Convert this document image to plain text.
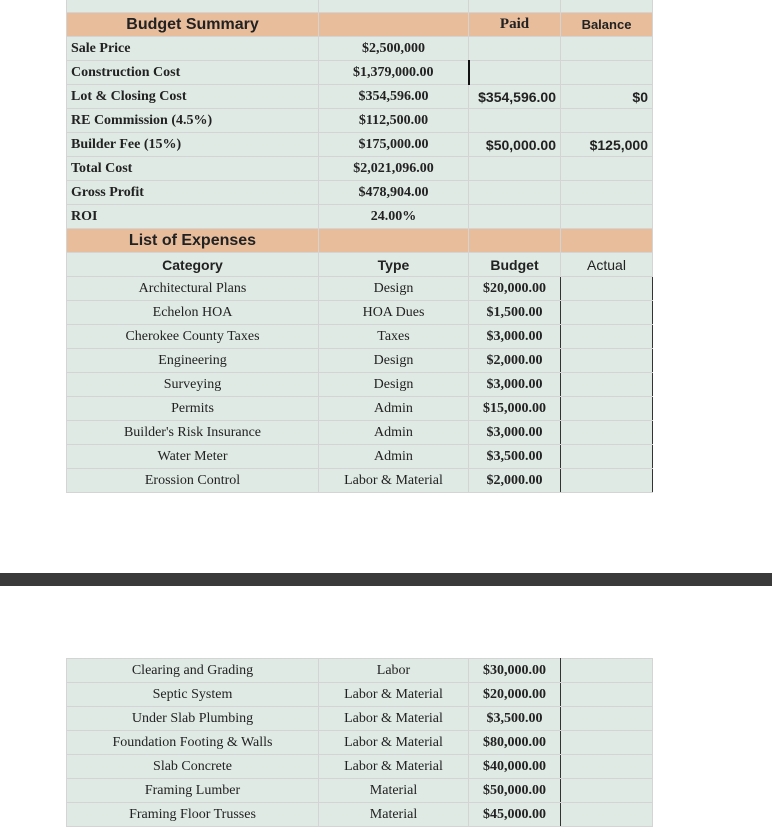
Budget Summary		Paid	Balance
Sale Price	$2,500,000		
Construction Cost	$1,379,000.00		
Lot & Closing Cost	$354,596.00	$354,596.00	$0
RE Commission (4.5%)	$112,500.00		
Builder Fee (15%)	$175,000.00	$50,000.00	$125,000
Total Cost	$2,021,096.00		
Gross Profit	$478,904.00		
ROI	24.00%		
List of Expenses			
Category	Type	Budget	Actual
Architectural Plans	Design	$20,000.00	
Echelon HOA	HOA Dues	$1,500.00	
Cherokee County Taxes	Taxes	$3,000.00	
Engineering	Design	$2,000.00	
Surveying	Design	$3,000.00	
Permits	Admin	$15,000.00	
Builder's Risk Insurance	Admin	$3,000.00	
Water Meter	Admin	$3,500.00	
Erossion Control	Labor & Material	$2,000.00	
Clearing and Grading	Labor	$30,000.00	
Septic System	Labor & Material	$20,000.00	
Under Slab Plumbing	Labor & Material	$3,500.00	
Foundation Footing & Walls	Labor & Material	$80,000.00	
Slab Concrete	Labor & Material	$40,000.00	
Framing Lumber	Material	$50,000.00	
Framing Floor Trusses	Material	$45,000.00	
